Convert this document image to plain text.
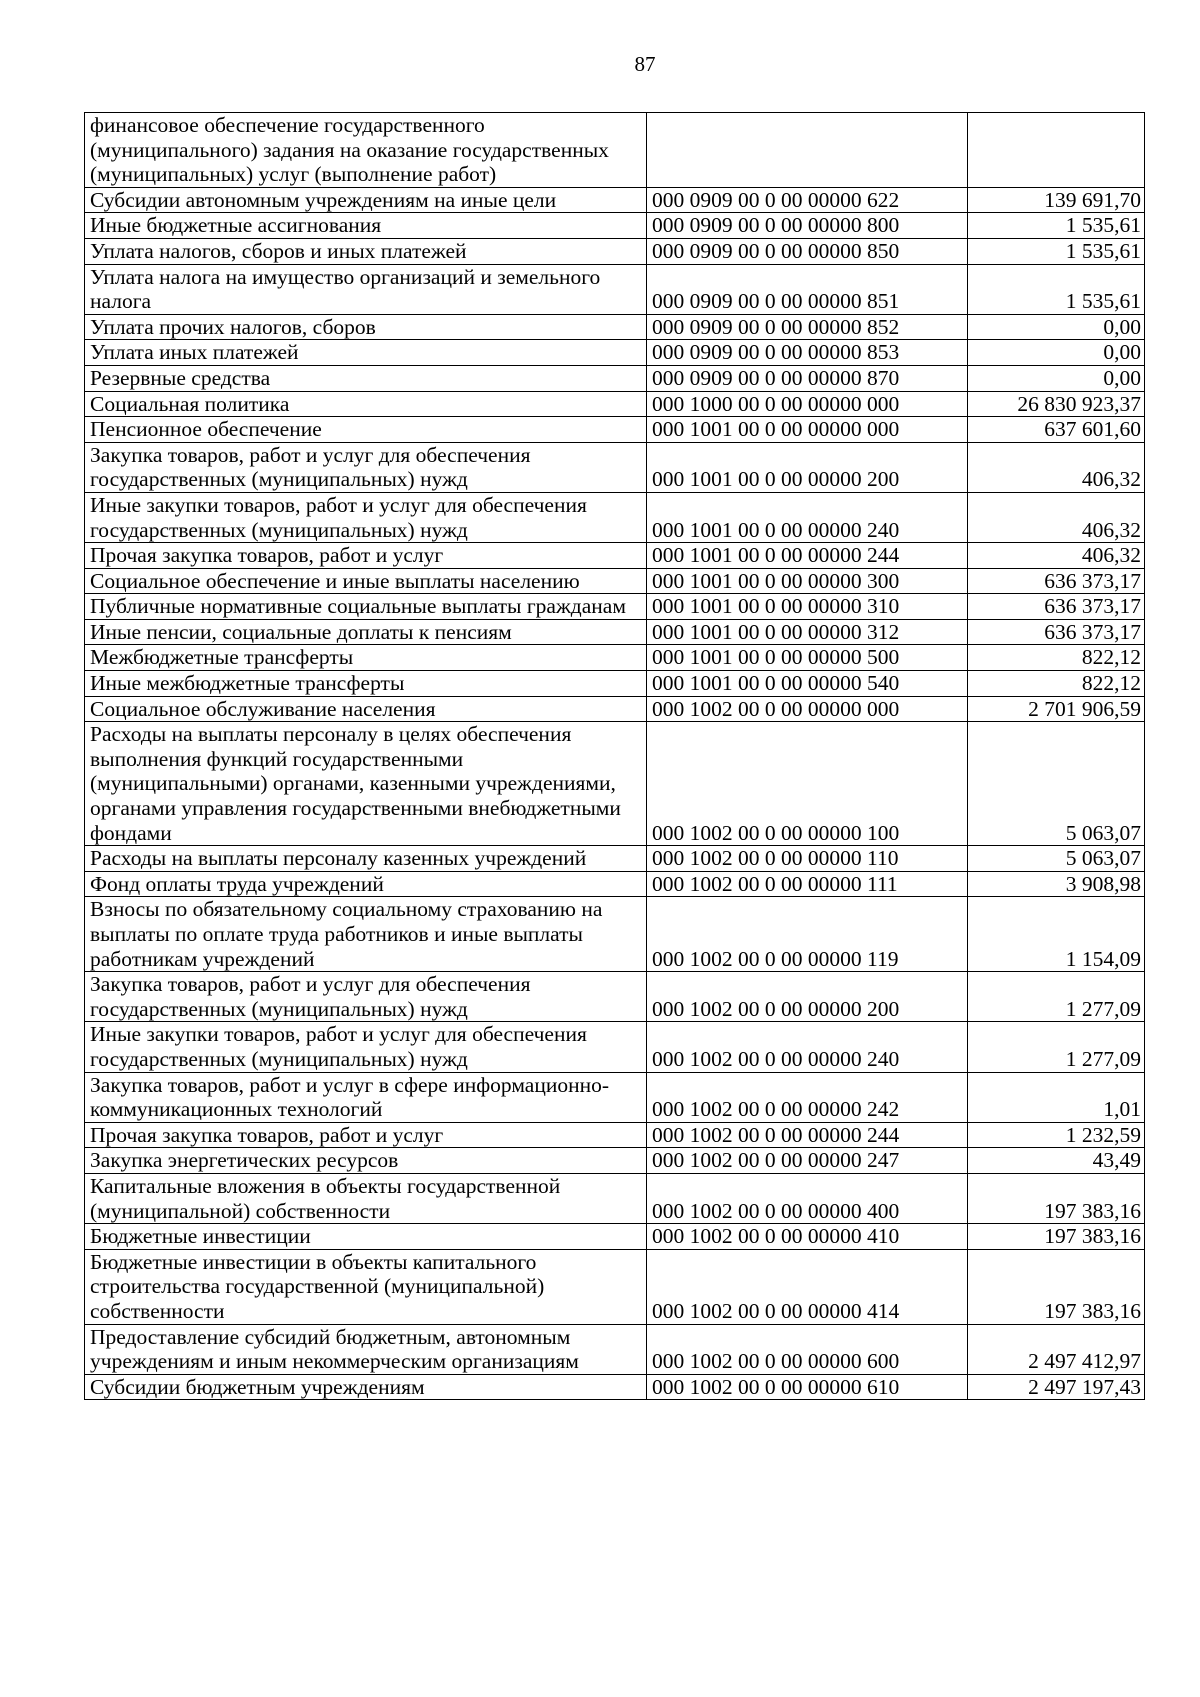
87
финансовое обеспечение государственного (муниципального) задания на оказание государственных (муниципальных) услуг (выполнение работ)		
Субсидии автономным учреждениям на иные цели	000 0909 00 0 00 00000 622	139 691,70
Иные бюджетные ассигнования	000 0909 00 0 00 00000 800	1 535,61
Уплата налогов, сборов и иных платежей	000 0909 00 0 00 00000 850	1 535,61
Уплата налога на имущество организаций и земельного налога	000 0909 00 0 00 00000 851	1 535,61
Уплата прочих налогов, сборов	000 0909 00 0 00 00000 852	0,00
Уплата иных платежей	000 0909 00 0 00 00000 853	0,00
Резервные средства	000 0909 00 0 00 00000 870	0,00
Социальная политика	000 1000 00 0 00 00000 000	26 830 923,37
Пенсионное обеспечение	000 1001 00 0 00 00000 000	637 601,60
Закупка товаров, работ и услуг для обеспечения государственных (муниципальных) нужд	000 1001 00 0 00 00000 200	406,32
Иные закупки товаров, работ и услуг для обеспечения государственных (муниципальных) нужд	000 1001 00 0 00 00000 240	406,32
Прочая закупка товаров, работ и услуг	000 1001 00 0 00 00000 244	406,32
Социальное обеспечение и иные выплаты населению	000 1001 00 0 00 00000 300	636 373,17
Публичные нормативные социальные выплаты гражданам	000 1001 00 0 00 00000 310	636 373,17
Иные пенсии, социальные доплаты к пенсиям	000 1001 00 0 00 00000 312	636 373,17
Межбюджетные трансферты	000 1001 00 0 00 00000 500	822,12
Иные межбюджетные трансферты	000 1001 00 0 00 00000 540	822,12
Социальное обслуживание населения	000 1002 00 0 00 00000 000	2 701 906,59
Расходы на выплаты персоналу в целях обеспечения выполнения функций государственными (муниципальными) органами, казенными учреждениями, органами управления государственными внебюджетными фондами	000 1002 00 0 00 00000 100	5 063,07
Расходы на выплаты персоналу казенных учреждений	000 1002 00 0 00 00000 110	5 063,07
Фонд оплаты труда учреждений	000 1002 00 0 00 00000 111	3 908,98
Взносы по обязательному социальному страхованию на выплаты по оплате труда работников и иные выплаты работникам учреждений	000 1002 00 0 00 00000 119	1 154,09
Закупка товаров, работ и услуг для обеспечения государственных (муниципальных) нужд	000 1002 00 0 00 00000 200	1 277,09
Иные закупки товаров, работ и услуг для обеспечения государственных (муниципальных) нужд	000 1002 00 0 00 00000 240	1 277,09
Закупка товаров, работ и услуг в сфере информационно-коммуникационных технологий	000 1002 00 0 00 00000 242	1,01
Прочая закупка товаров, работ и услуг	000 1002 00 0 00 00000 244	1 232,59
Закупка энергетических ресурсов	000 1002 00 0 00 00000 247	43,49
Капитальные вложения в объекты государственной (муниципальной) собственности	000 1002 00 0 00 00000 400	197 383,16
Бюджетные инвестиции	000 1002 00 0 00 00000 410	197 383,16
Бюджетные инвестиции в объекты капитального строительства государственной (муниципальной) собственности	000 1002 00 0 00 00000 414	197 383,16
Предоставление субсидий бюджетным, автономным учреждениям и иным некоммерческим организациям	000 1002 00 0 00 00000 600	2 497 412,97
Субсидии бюджетным учреждениям	000 1002 00 0 00 00000 610	2 497 197,43
